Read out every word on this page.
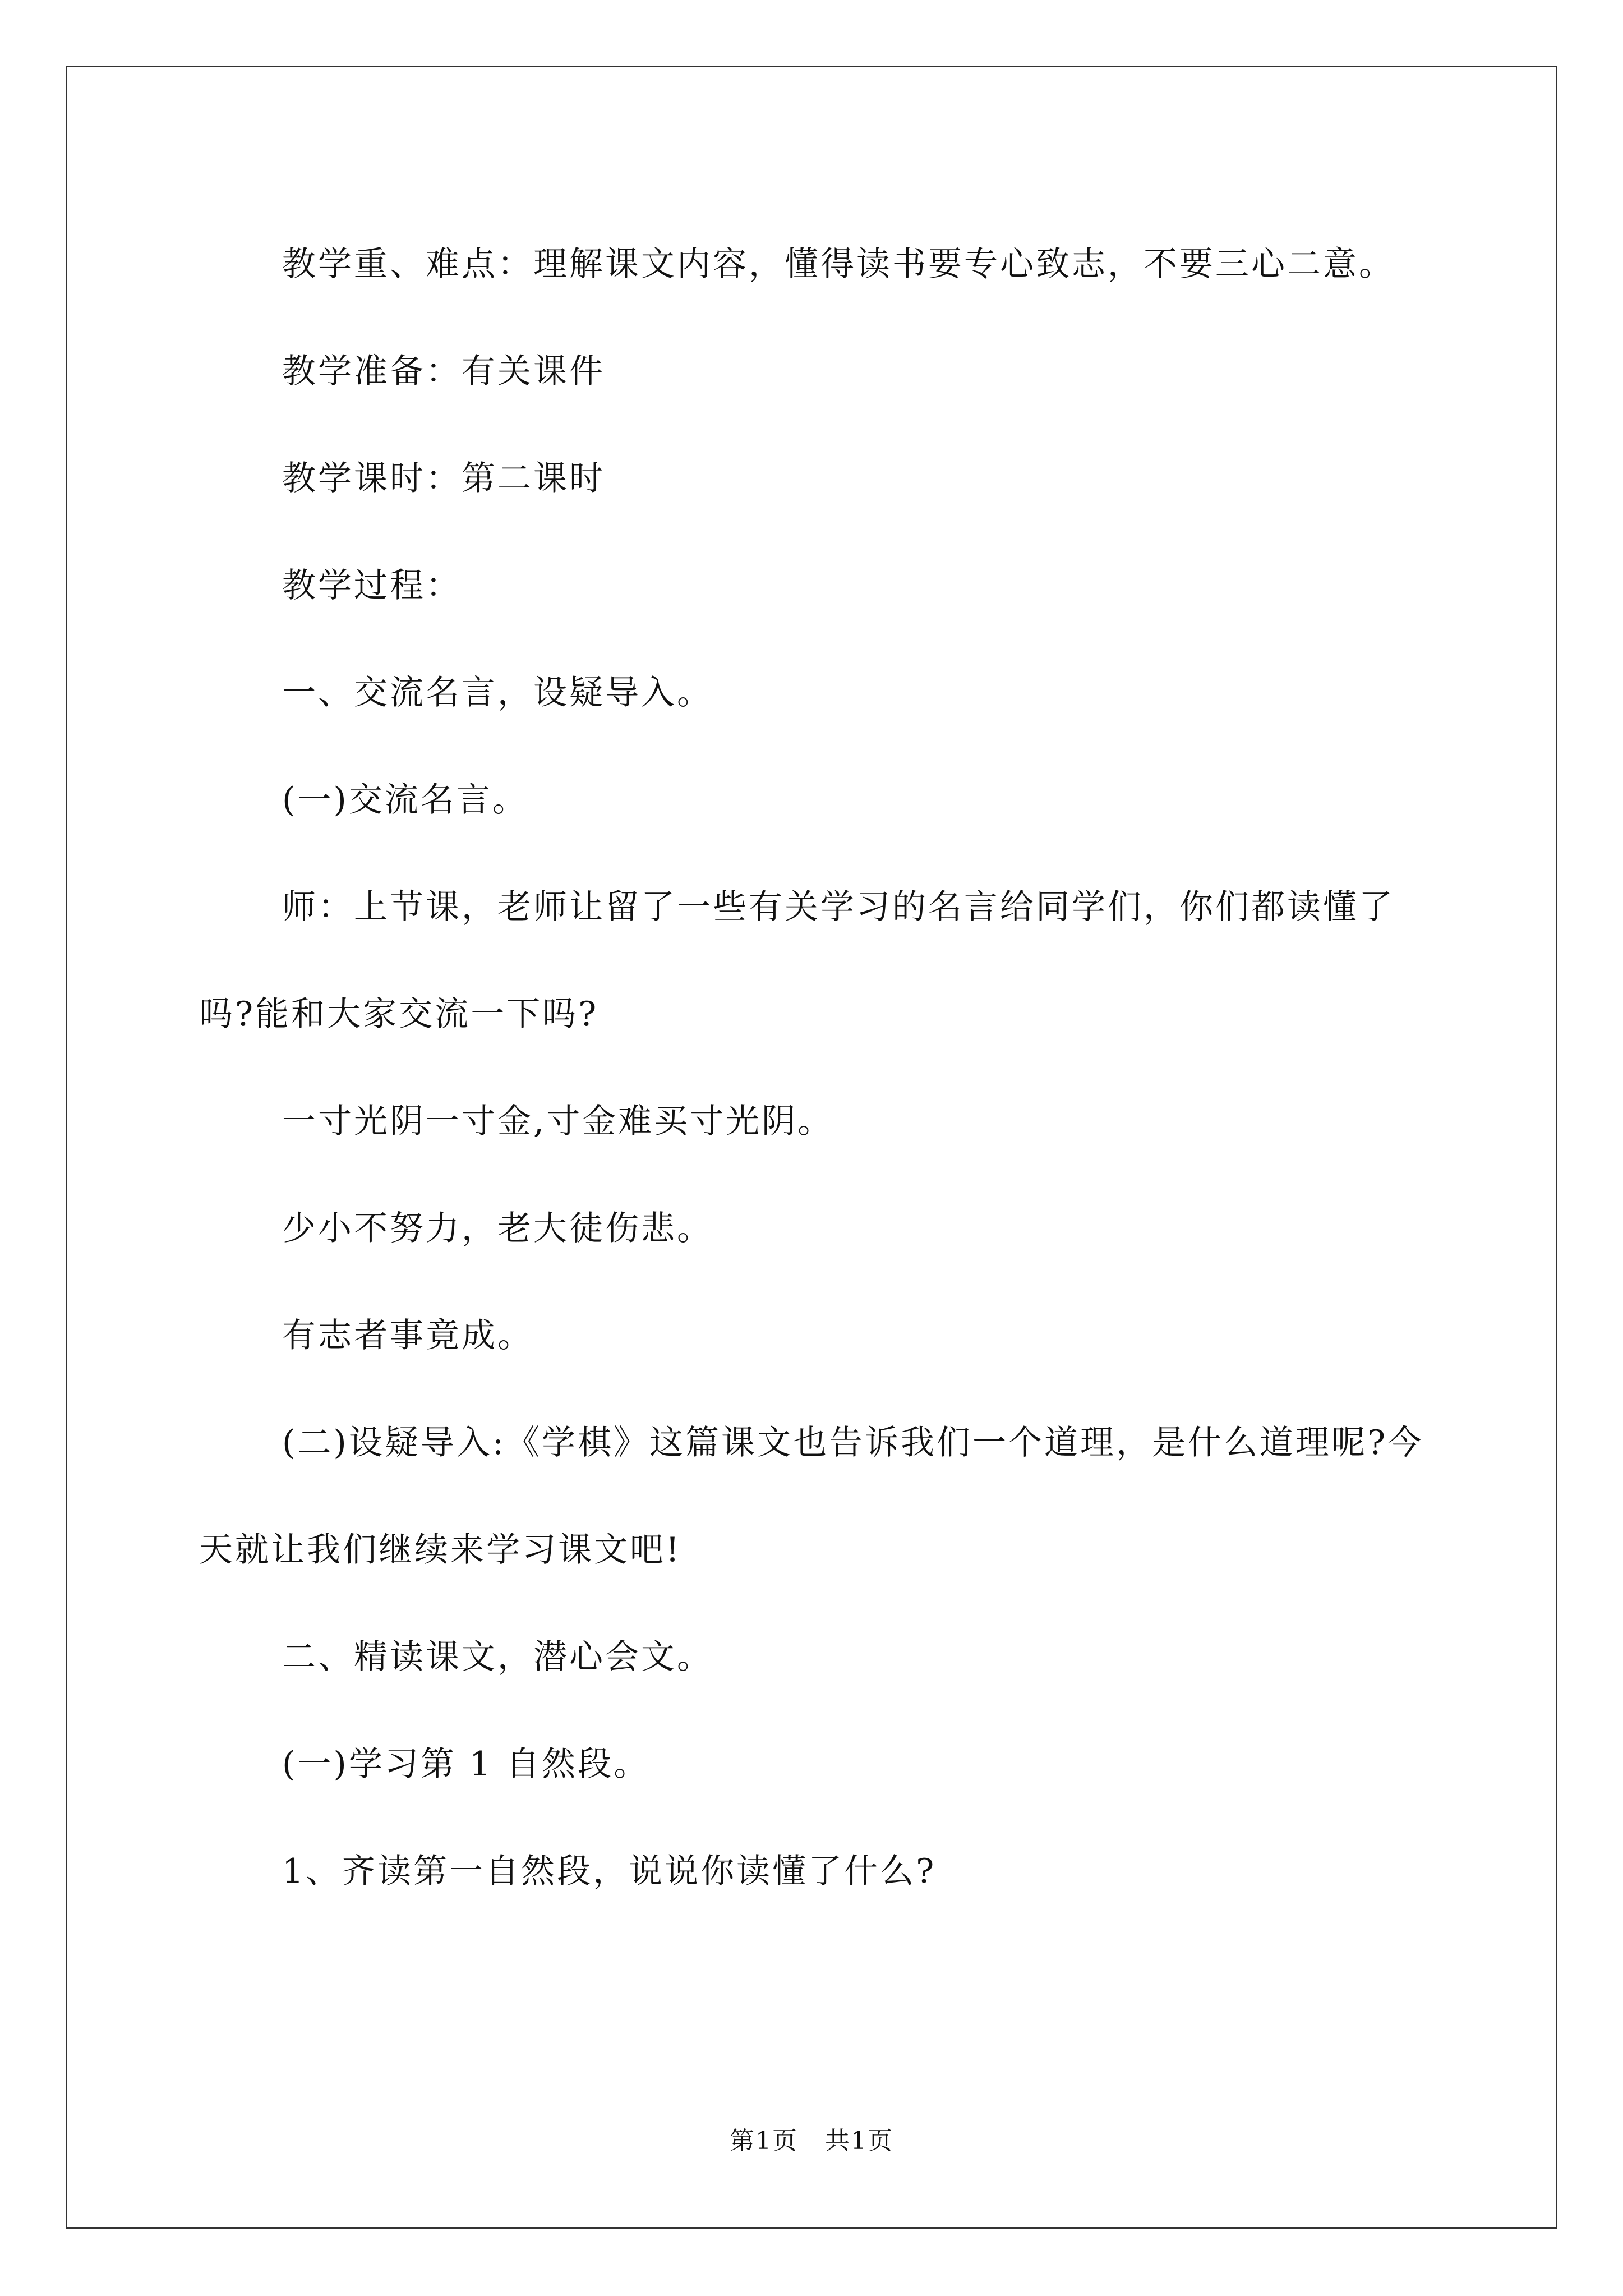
教学重、难点：理解课文内容，懂得读书要专心致志，不要三心二意。

教学准备：有关课件

教学课时：第二课时

教学过程：

一、交流名言，设疑导入。

(一)交流名言。

师：上节课，老师让留了一些有关学习的名言给同学们，你们都读懂了吗?能和大家交流一下吗?

一寸光阴一寸金,寸金难买寸光阴。

少小不努力，老大徒伤悲。

有志者事竟成。

(二)设疑导入:《学棋》这篇课文也告诉我们一个道理，是什么道理呢?今天就让我们继续来学习课文吧!

二、精读课文，潜心会文。

(一)学习第 1 自然段。

1、齐读第一自然段，说说你读懂了什么?

第1页 共1页
